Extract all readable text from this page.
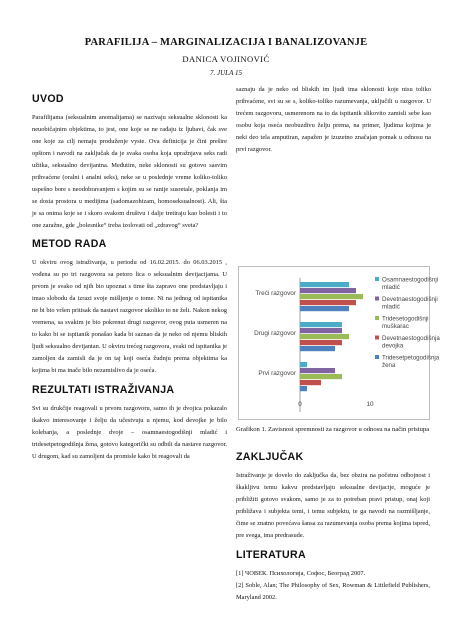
PARAFILIJA – MARGINALIZACIJA I BANALIZOVANJE
DANICA VOJINOVIĆ
7. JULA 15
UVOD

Parafilijama (seksualnim anomalijama) se nazivaju seksualne sklonosti ka neuobičajnim objektima, to jest, one koje se ne rađaju iz ljubavi, čak sve one koje za cilj nemaju produženje vyste. Ova definicija je čini prešire opštom i navodi na zaključak da je svaka osoba koja upražnjava seks radi užitka, seksualno devijantna. Međutim, neke sklonosti su gotovo sasvim prihvaćene (oralni i analni seks), neke se u poslednje vreme koliko-toliko uspešno bore s neodobravanjem s kojim su se ranije susretale, poklanja im se dosta prostora u medijima (sadomazohizam, homoseksualnost). Ali, šta je sa onima koje se i skoro svakom društvu i dalje tretiraju kao bolesti i to one zaražne, gde „bolesnike“ treba izolovati od „zdravog“ sveta?

METOD RADA

U okviru ovog istraživanja, u periodu od 16.02.2015. do 06.03.2015 , vođena su po tri razgovora sa petoro lica o seksualnim devijacijama. U prvom je svako od njih bio upoznat s time šta zapravo one predstavljaju i imao slobodu da izrazi svoje mišljenje o tome. Ni na jednog od ispitanika ne bi bio vršen pritisak da nastavi razgovor ukoliko to ne želi. Nakon nekog vremena, sa svakim je bio pokrenut drugi razgovor, ovog puta usmeren na to kako bi se ispitanik ponašao kada bi saznao da je neko od njemu bliskih ljudi seksualno devijantan. U okviru trećeg razgovora, svaki od ispitanika je zamoljen da zamisli da je on taj koji oseća žudnju prema objektima ka kojima bi ma inače bilo nezamislivo da je oseća.

REZULTATI ISTRAŽIVANJA

Svi su drukčije reagovali u prvom razgovoru, samo ih je dvojica pokazalo ikakvo interesovanje i želju da učestvuju u njemu, kod devojke je bilo kolebanja, a poslednje dvoje – osamnaestogodišnji mladić i tridesetpetogodišnja žena, gotovo kategorički su odbili da nastave razgovor. U drugom, kad su zamoljeni da promisle kako bi reagovali da

saznaju da je neko od bliskih im ljudi ima sklonosti koje nisu toliko prihvaćene, svi su se s, koliko-toliko razumevanja, uključili u razgovor. U trećem razgovoru, usmerenom na to da ispitanik slikovito zamisli sebe kao osobu koja oseća neobuzdivu želju prema, na primer, ljudima kojima je neki deo tela amputiran, zapažen je izuzetno značajan pomak u odnosu na prvi razgovor.

Treći razgovor
Drugi razgovor
Prvi razgovor
0	10
Osamnaestogodišnji
mladić
Devetnaestogodišnji
mladić
Tridesetogodišnji
muškarac
Devetnaestogodišnja
devojka
Tridesetpetogodišnja
žena
Grafikon 1. Zavisnost spremnosti za razgovor u odnosu na način pristupa
ZAKLJUČAK

Istraživanje je dovelo do zaključka da, bez obzira na početnu odbojnost i škakljivu temu kakvu predstavljaju seksualne devijacije, moguće je približiti gotovo svakom, samo je za to potreban pravi pristup, onaj koji približava i subjekta temi, i temu subjektu, te ga navodi na razmišljanje, čime se znatno povećava šansa za razumevanja osoba prema kojima ispred, pre svega, ima predrasude.

LITERATURA

[1] ЧОВЕК. Психологија, Софос, Београд 2007.

[2] Soble, Alan; The Philosophy of Sex, Rowman & Littlefield Publishers, Maryland 2002.
